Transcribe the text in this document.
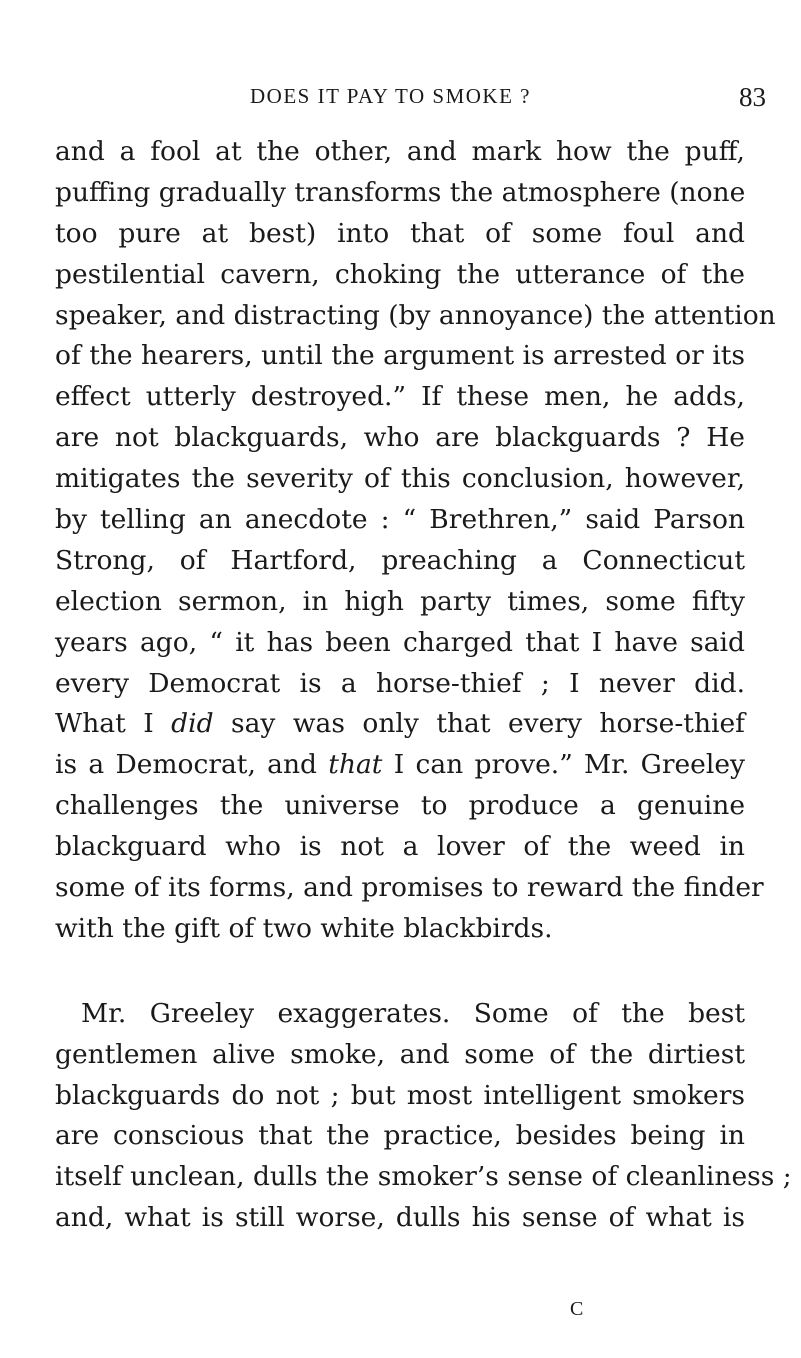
DOES IT PAY TO SMOKE ?	83
and a fool at the other, and mark how the puff,
puffing gradually transforms the atmosphere (none
too pure at best) into that of some foul and
pestilential cavern, choking the utterance of the
speaker, and distracting (by annoyance) the attention
of the hearers, until the argument is arrested or its
effect utterly destroyed.” If these men, he adds,
are not blackguards, who are blackguards ? He
mitigates the severity of this conclusion, however,
by telling an anecdote : “ Brethren,” said Parson
Strong, of Hartford, preaching a Connecticut
election sermon, in high party times, some fifty
years ago, “ it has been charged that I have said
every Democrat is a horse-thief ; I never did.
What I did say was only that every horse-thief
is a Democrat, and that I can prove.” Mr. Greeley
challenges the universe to produce a genuine
blackguard who is not a lover of the weed in
some of its forms, and promises to reward the finder
with the gift of two white blackbirds.
Mr. Greeley exaggerates. Some of the best
gentlemen alive smoke, and some of the dirtiest
blackguards do not ; but most intelligent smokers
are conscious that the practice, besides being in
itself unclean, dulls the smoker’s sense of cleanliness ;
and, what is still worse, dulls his sense of what is
C
